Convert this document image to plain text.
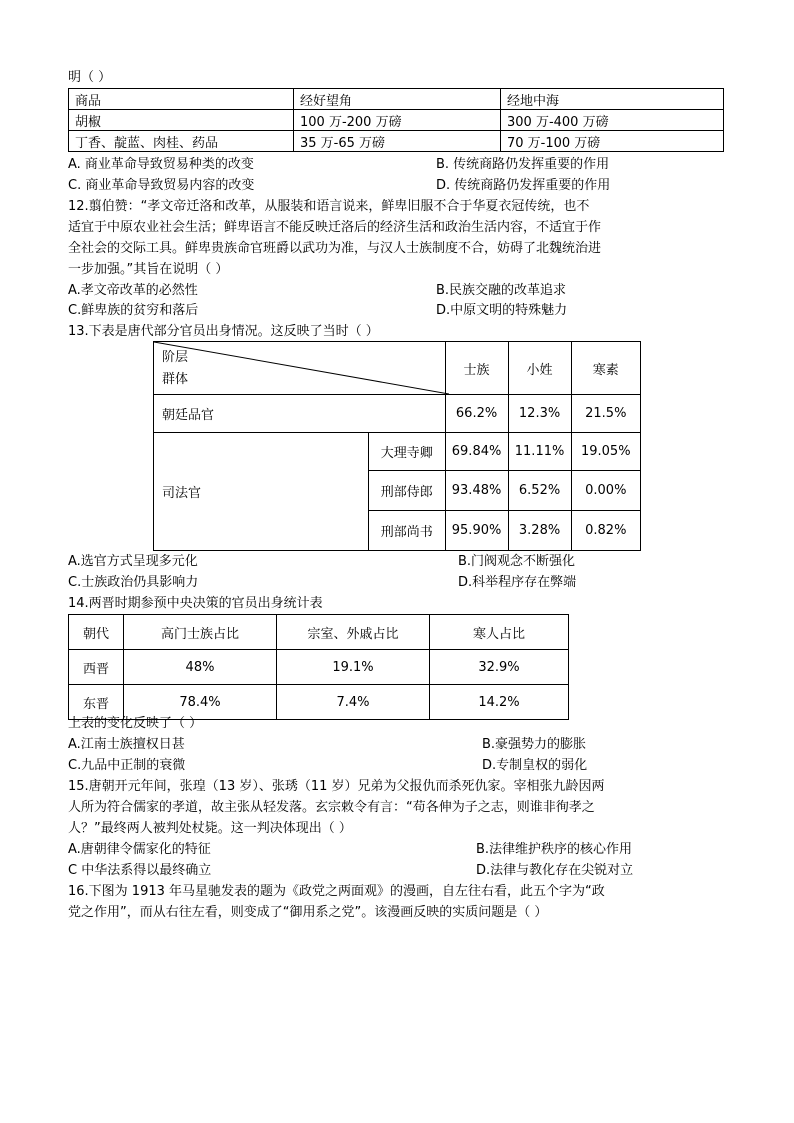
明（ ）
商品	经好望角	经地中海
胡椒	100 万-200 万磅	300 万-400 万磅
丁香、靛蓝、肉桂、药品	35 万-65 万磅	70 万-100 万磅
A. 商业革命导致贸易种类的改变	B. 传统商路仍发挥重要的作用
C. 商业革命导致贸易内容的改变	D. 传统商路仍发挥重要的作用
12.翦伯赞：“孝文帝迁洛和改革，从服装和语言说来，鲜卑旧服不合于华夏衣冠传统，也不
适宜于中原农业社会生活；鲜卑语言不能反映迁洛后的经济生活和政治生活内容，不适宜于作
全社会的交际工具。鲜卑贵族命官班爵以武功为准，与汉人士族制度不合，妨碍了北魏统治进
一步加强。”其旨在说明（ ）
A.孝文帝改革的必然性	B.民族交融的改革追求
C.鲜卑族的贫穷和落后	D.中原文明的特殊魅力
13.下表是唐代部分官员出身情况。这反映了当时（ ）
阶层
群体		士族	小姓	寒素
朝廷品官		66.2%	12.3%	21.5%
司法官	大理寺卿	69.84%	11.11%	19.05%
	刑部侍郎	93.48%	6.52%	0.00%
	刑部尚书	95.90%	3.28%	0.82%
A.选官方式呈现多元化	B.门阀观念不断强化
C.士族政治仍具影响力	D.科举程序存在弊端
14.两晋时期参预中央决策的官员出身统计表
朝代	高门士族占比	宗室、外戚占比	寒人占比
西晋	48%	19.1%	32.9%
东晋	78.4%	7.4%	14.2%
上表的变化反映了（ ）
A.江南士族擅权日甚	B.豪强势力的膨胀
C.九品中正制的衰微	D.专制皇权的弱化
15.唐朝开元年间，张瑝（13 岁）、张琇（11 岁）兄弟为父报仇而杀死仇家。宰相张九龄因两
人所为符合儒家的孝道，故主张从轻发落。玄宗敕令有言：“苟各伸为子之志，则谁非徇孝之
人？”最终两人被判处杖毙。这一判决体现出（ ）
A.唐朝律令儒家化的特征	B.法律维护秩序的核心作用
C 中华法系得以最终确立	D.法律与教化存在尖锐对立
16.下图为 1913 年马星驰发表的题为《政党之两面观》的漫画，自左往右看，此五个字为“政
党之作用”，而从右往左看，则变成了“御用系之党”。该漫画反映的实质问题是（ ）
